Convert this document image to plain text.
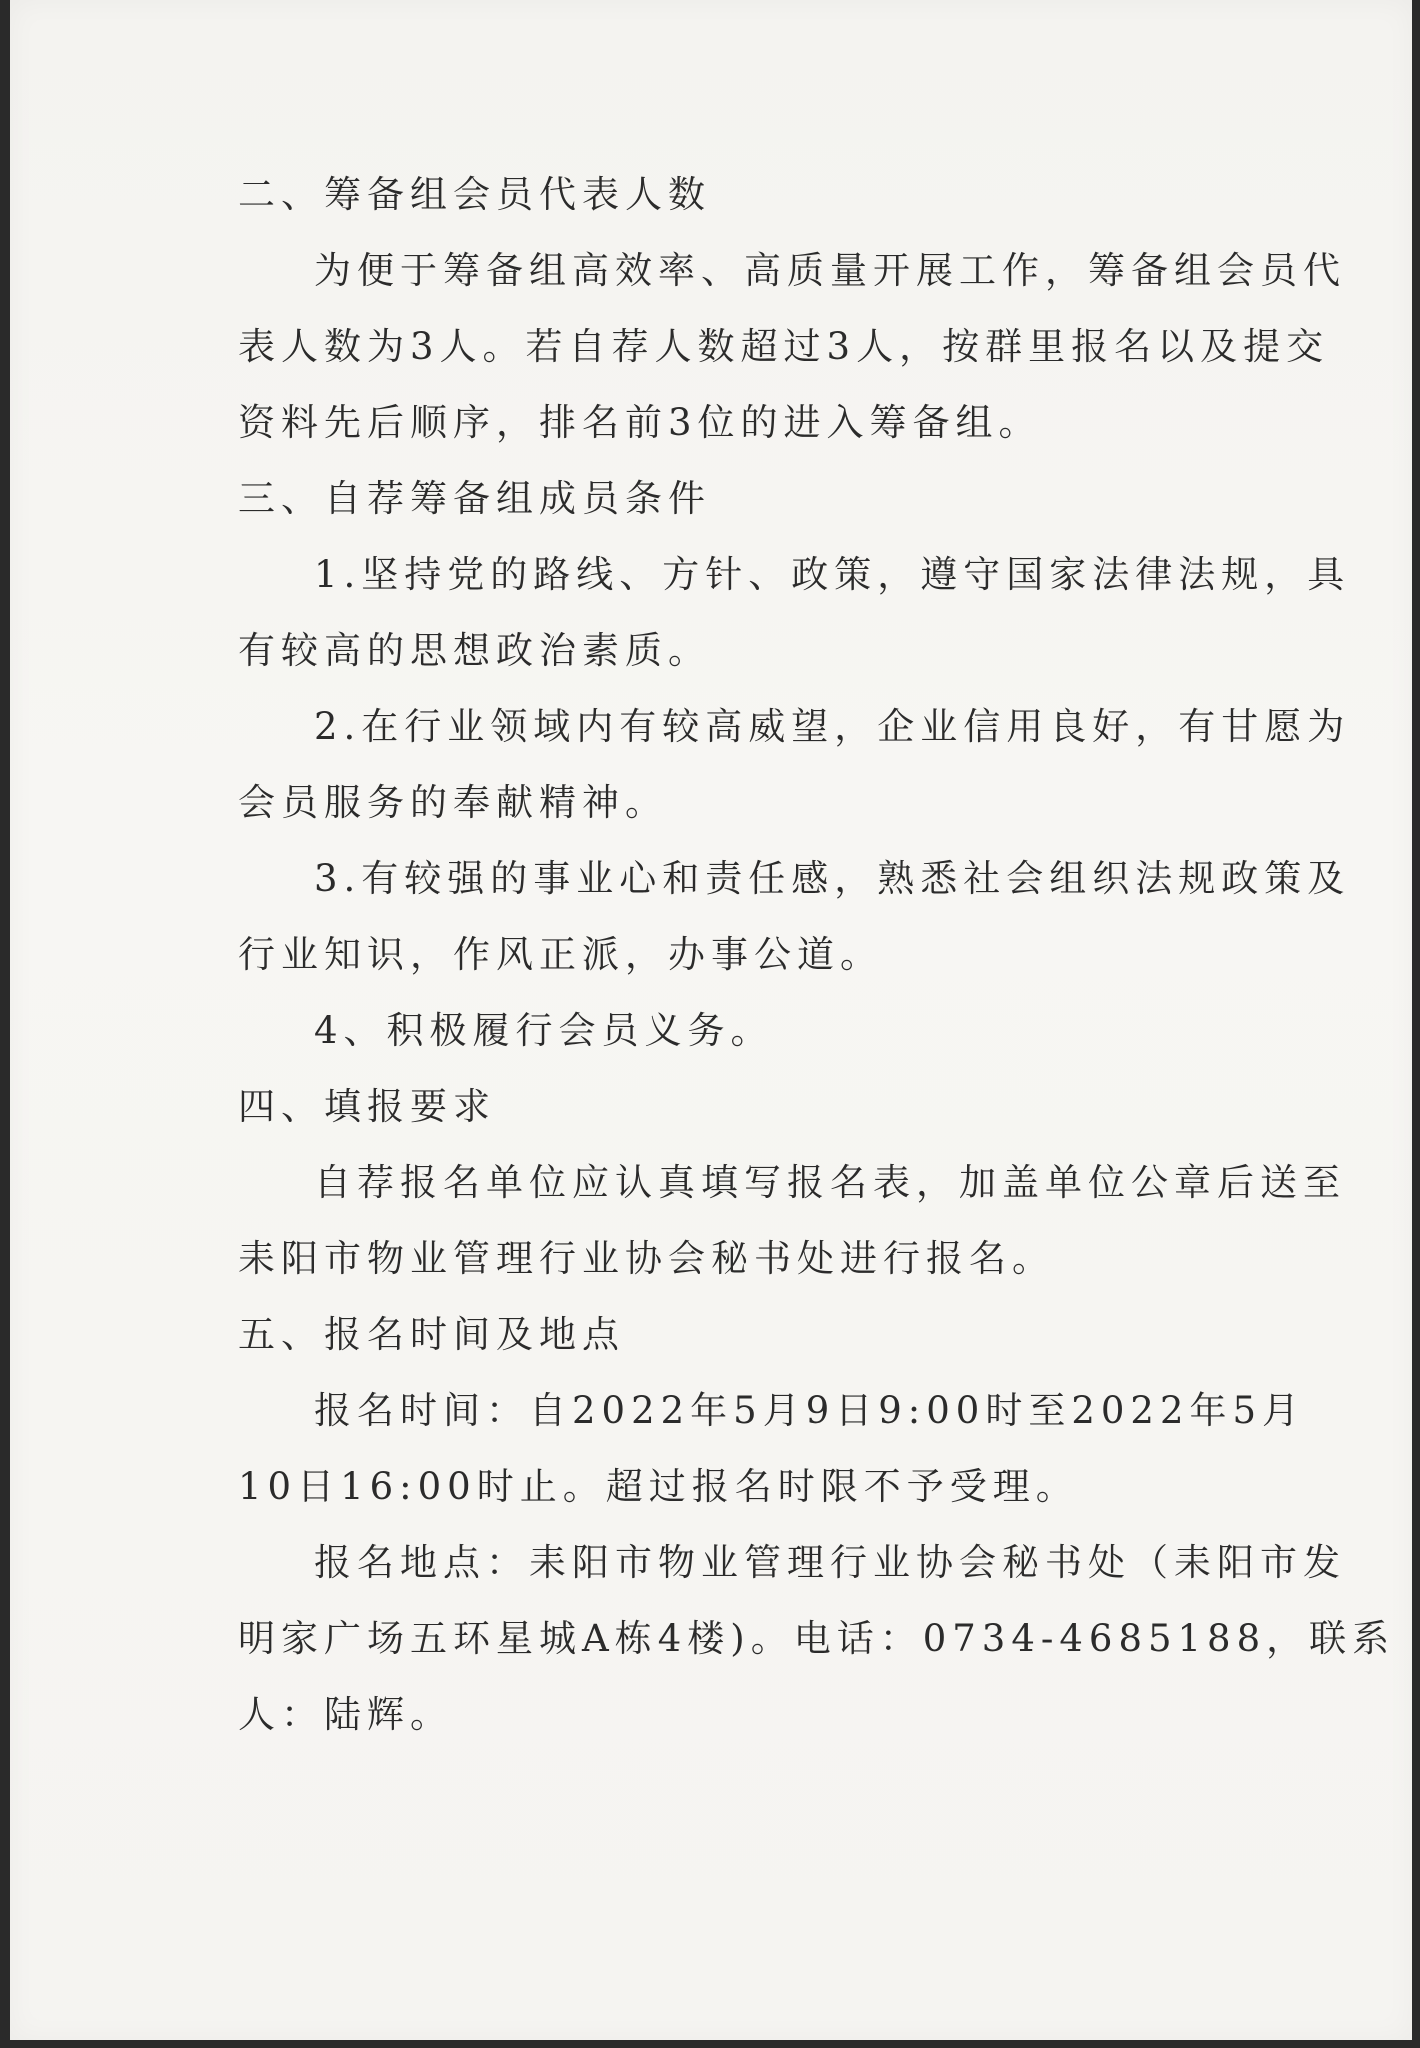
二、筹备组会员代表人数
为便于筹备组高效率、高质量开展工作，筹备组会员代
表人数为3人。若自荐人数超过3人，按群里报名以及提交
资料先后顺序，排名前3位的进入筹备组。
三、自荐筹备组成员条件
1.坚持党的路线、方针、政策，遵守国家法律法规，具
有较高的思想政治素质。
2.在行业领域内有较高威望，企业信用良好，有甘愿为
会员服务的奉献精神。
3.有较强的事业心和责任感，熟悉社会组织法规政策及
行业知识，作风正派，办事公道。
4、积极履行会员义务。
四、填报要求
自荐报名单位应认真填写报名表，加盖单位公章后送至
耒阳市物业管理行业协会秘书处进行报名。
五、报名时间及地点
报名时间：自2022年5月9日9:00时至2022年5月
10日16:00时止。超过报名时限不予受理。
报名地点：耒阳市物业管理行业协会秘书处（耒阳市发
明家广场五环星城A栋4楼)。电话：0734-4685188，联系
人：陆辉。
